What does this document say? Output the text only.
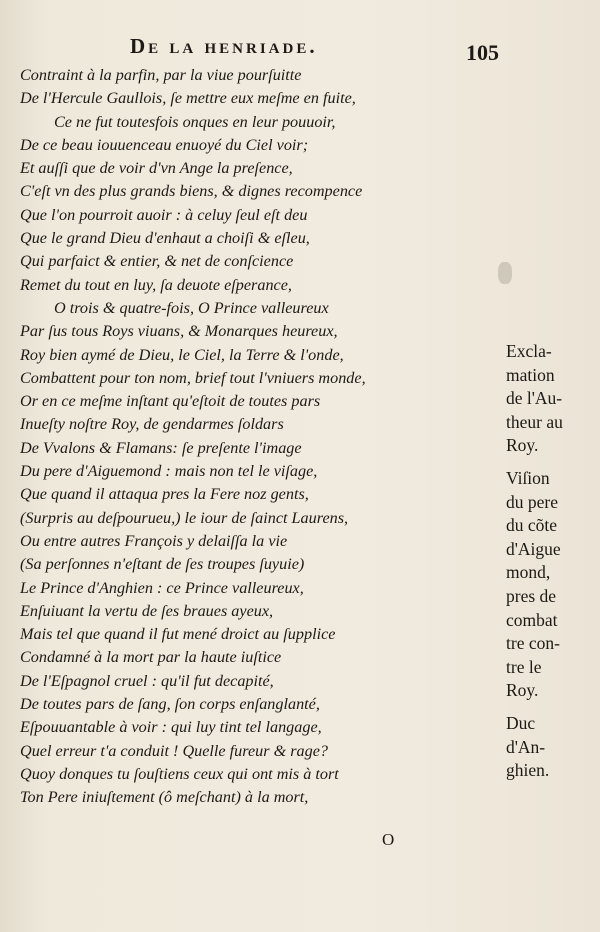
De la henriade.	105
Contraint à la parfin, par la viue pourſuitte
De l'Hercule Gaullois, ſe mettre eux meſme en fuite,
Ce ne fut toutesfois onques en leur pouuoir,
De ce beau iouuenceau enuoyé du Ciel voir;
Et auſſi que de voir d'vn Ange la preſence,
C'eſt vn des plus grands biens, & dignes recompence
Que l'on pourroit auoir : à celuy ſeul eſt deu
Que le grand Dieu d'enhaut a choiſi & eſleu,
Qui parfaict & entier, & net de conſcience
Remet du tout en luy, ſa deuote eſperance,
O trois & quatre-fois, O Prince valleureux
Par ſus tous Roys viuans, & Monarques heureux,
Roy bien aymé de Dieu, le Ciel, la Terre & l'onde,
Combattent pour ton nom, brief tout l'vniuers monde,
Or en ce meſme inſtant qu'eſtoit de toutes pars
Inueſty noſtre Roy, de gendarmes ſoldars
De Vvalons & Flamans: ſe preſente l'image
Du pere d'Aiguemond : mais non tel le viſage,
Que quand il attaqua pres la Fere noz gents,
(Surpris au deſpourueu,) le iour de ſainct Laurens,
Ou entre autres François y delaiſſa la vie
(Sa perſonnes n'eſtant de ſes troupes ſuyuie)
Le Prince d'Anghien : ce Prince valleureux,
Enſuiuant la vertu de ſes braues ayeux,
Mais tel que quand il fut mené droict au ſupplice
Condamné à la mort par la haute iuſtice
De l'Eſpagnol cruel : qu'il fut decapité,
De toutes pars de ſang, ſon corps enſanglanté,
Eſpouuantable à voir : qui luy tint tel langage,
Quel erreur t'a conduit ! Quelle fureur & rage?
Quoy donques tu ſouſtiens ceux qui ont mis à tort
Ton Pere iniuſtement (ô meſchant) à la mort,
Excla-
mation
de l'Au-
theur au
Roy.
Viſion
du pere
du cõte
d'Aigue
mond,
pres de
combat
tre con-
tre le
Roy.
Duc
d'An-
ghien.
O
